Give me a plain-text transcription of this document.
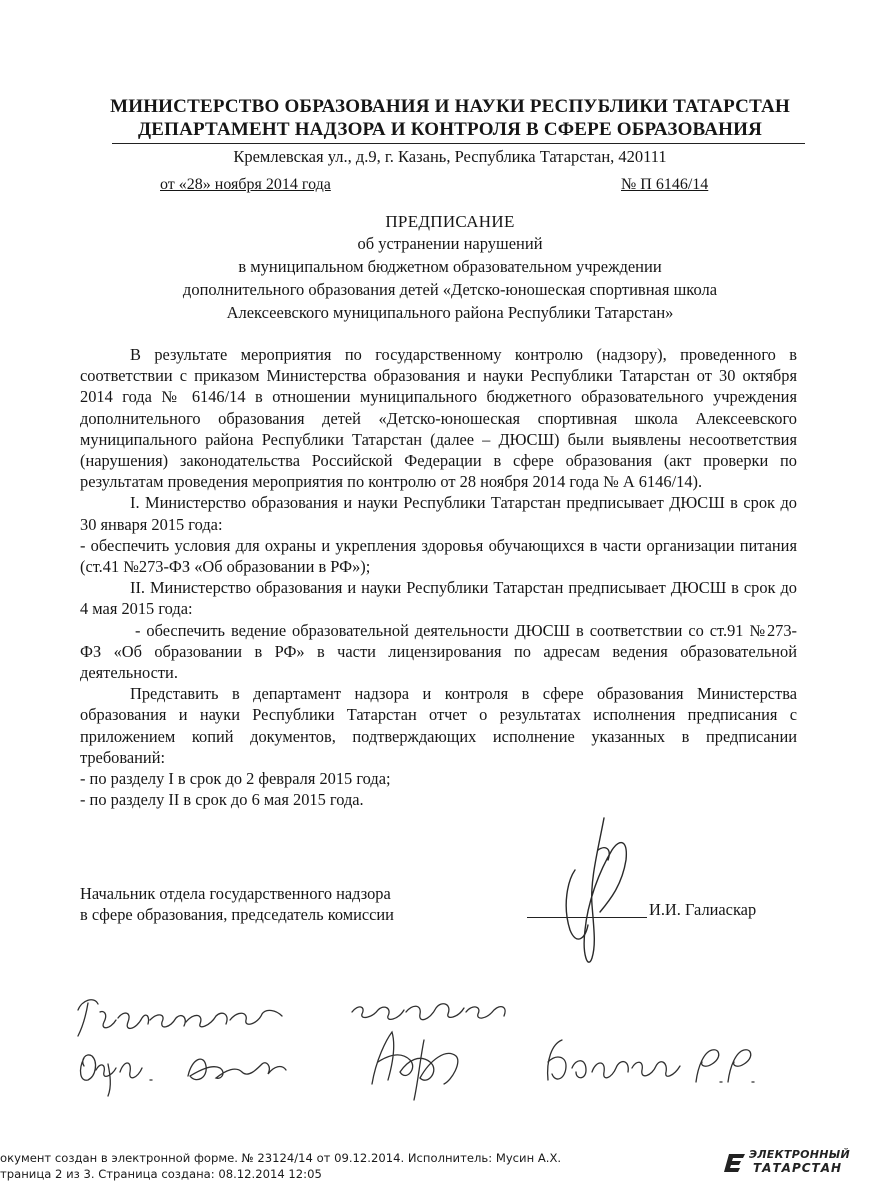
МИНИСТЕРСТВО ОБРАЗОВАНИЯ И НАУКИ РЕСПУБЛИКИ ТАТАРСТАН
ДЕПАРТАМЕНТ НАДЗОРА И КОНТРОЛЯ В СФЕРЕ ОБРАЗОВАНИЯ
Кремлевская ул., д.9, г. Казань, Республика Татарстан, 420111
от «28» ноября 2014 года	№ П 6146/14
ПРЕДПИСАНИЕ
об устранении нарушений
в муниципальном бюджетном образовательном учреждении
дополнительного образования детей «Детско-юношеская спортивная школа
Алексеевского муниципального района Республики Татарстан»

В результате мероприятия по государственному контролю (надзору), проведенного в соответствии с приказом Министерства образования и науки Республики Татарстан от 30 октября 2014 года № 6146/14 в отношении муниципального бюджетного образовательного учреждения дополнительного образования детей «Детско-юношеская спортивная школа Алексеевского муниципального района Республики Татарстан (далее – ДЮСШ) были выявлены несоответствия (нарушения) законодательства Российской Федерации в сфере образования (акт проверки по результатам проведения мероприятия по контролю от 28 ноября 2014 года № А 6146/14).

I. Министерство образования и науки Республики Татарстан предписывает ДЮСШ в срок до 30 января 2015 года:

- обеспечить условия для охраны и укрепления здоровья обучающихся в части организации питания (ст.41 №273-ФЗ «Об образовании в РФ»);

II. Министерство образования и науки Республики Татарстан предписывает ДЮСШ в срок до 4 мая 2015 года:

- обеспечить ведение образовательной деятельности ДЮСШ в соответствии со ст.91 №273-ФЗ «Об образовании в РФ» в части лицензирования по адресам ведения образовательной деятельности.

Представить в департамент надзора и контроля в сфере образования Министерства образования и науки Республики Татарстан отчет о результатах исполнения предписания с приложением копий документов, подтверждающих исполнение указанных в предписании требований:

- по разделу I в срок до 2 февраля 2015 года;

- по разделу II в срок до 6 мая 2015 года.

Начальник отдела государственного надзора
в сфере образования, председатель комиссии	И.И. Галиаскар
окумент создан в электронной форме. № 23124/14 от 09.12.2014. Исполнитель: Мусин А.Х.
траница 2 из 3. Страница создана: 08.12.2014 12:05
ЭЛЕКТРОННЫЙ
ТАТАРСТАН
